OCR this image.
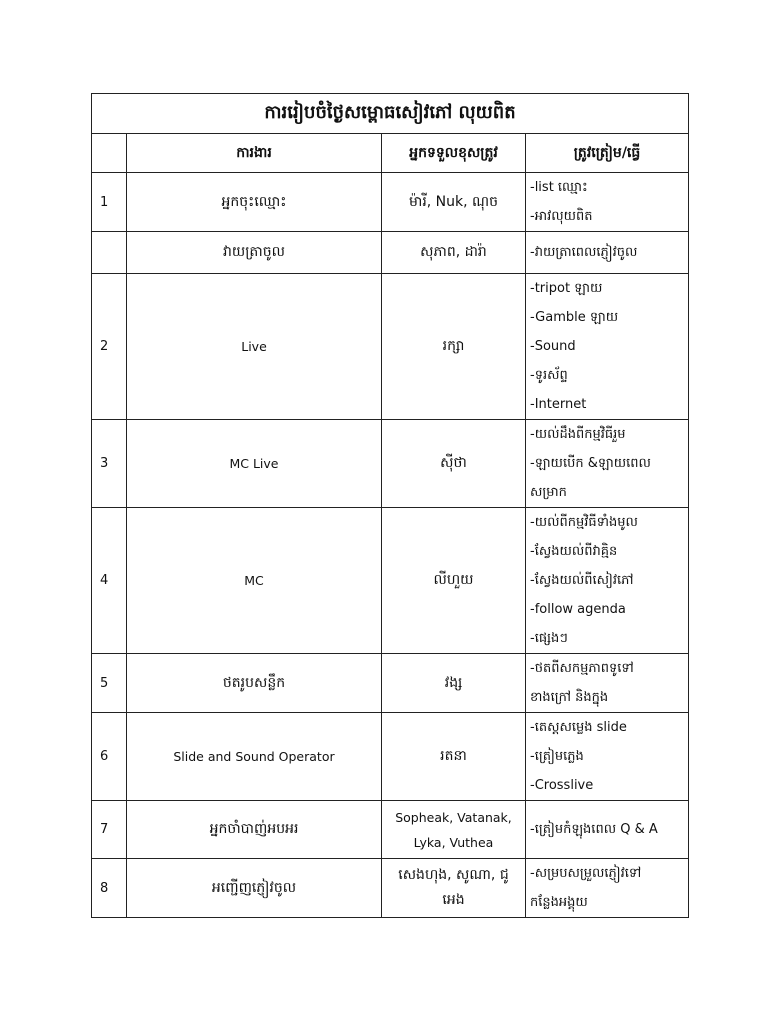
ការរៀបចំថ្ងៃសម្ពោធសៀវភៅ លុយពិត			
	ការងារ	អ្នកទទួលខុសត្រូវ	ត្រូវត្រៀម/ធ្វើ
1	អ្នកចុះឈ្មោះ	ម៉ារី, Nuk, ណុច	-list ឈ្មោះ
-អាវលុយពិត

	វាយត្រាចូល	សុភាព, ដារ៉ា	-វាយត្រាពេលភ្ញៀវចូល

2	Live	រក្សា	-tripot ឡាយ
-Gamble ឡាយ
-Sound
-ទូរស័ព្ទ
-Internet

3	MC Live	ស៊ីថា	-យល់ដឹងពីកម្មវិធីរួម
-ឡាយបើក &ឡាយពេល
សម្រាក

4	MC	លីហួយ	-យល់ពីកម្មវិធីទាំងមូល
-ស្វែងយល់ពីវាគ្មិន
-ស្វែងយល់ពីសៀវភៅ
-follow agenda
-ផ្សេងៗ

5	ថតរូបសន្លឹក	វង្ស	-ថតពីសកម្មភាពទូទៅ
ខាងក្រៅ និងក្នុង

6	Slide and Sound Operator	រតនា	-តេស្តសម្លេង slide
-ត្រៀមភ្លេង
-Crosslive

7	អ្នកចាំបាញ់អបអរ	Sopheak, Vatanak, Lyka, Vuthea	-ត្រៀមកំឡុងពេល Q & A

8	អញ្ជើញភ្ញៀវចូល	សេងហុង, សូណា, ជូ អេង	-សម្របសម្រួលភ្ញៀវទៅ
កន្លែងអង្គុយ
